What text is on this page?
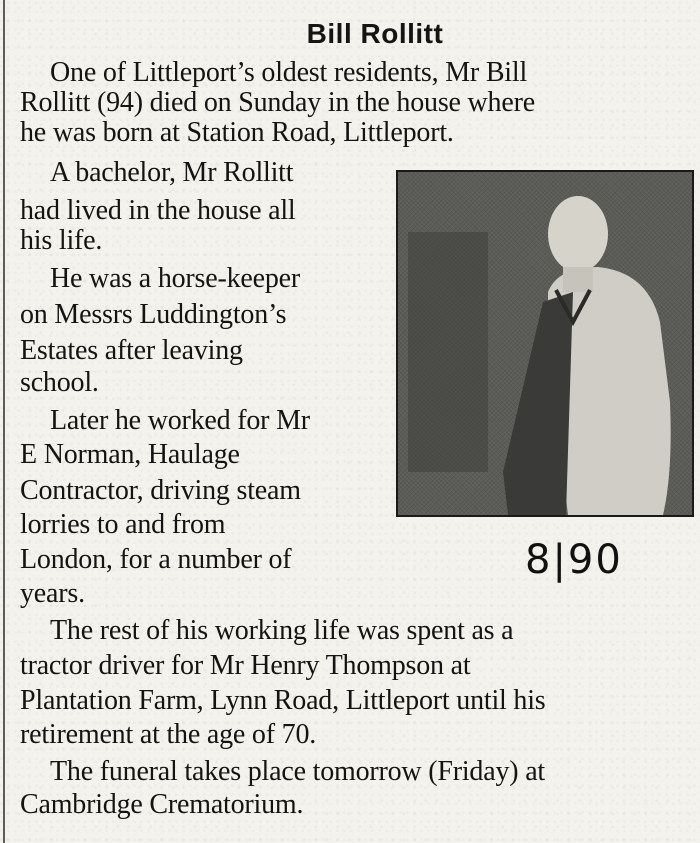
Bill Rollitt
One of Littleport’s oldest residents, Mr Bill
Rollitt (94) died on Sunday in the house where
he was born at Station Road, Littleport.
A bachelor, Mr Rollitt
had lived in the house all
his life.
He was a horse-keeper
on Messrs Luddington’s
Estates after leaving
school.
Later he worked for Mr
E Norman, Haulage
Contractor, driving steam
lorries to and from
London, for a number of
years.
The rest of his working life was spent as a
tractor driver for Mr Henry Thompson at
Plantation Farm, Lynn Road, Littleport until his
retirement at the age of 70.
The funeral takes place tomorrow (Friday) at
Cambridge Crematorium.
8|90
